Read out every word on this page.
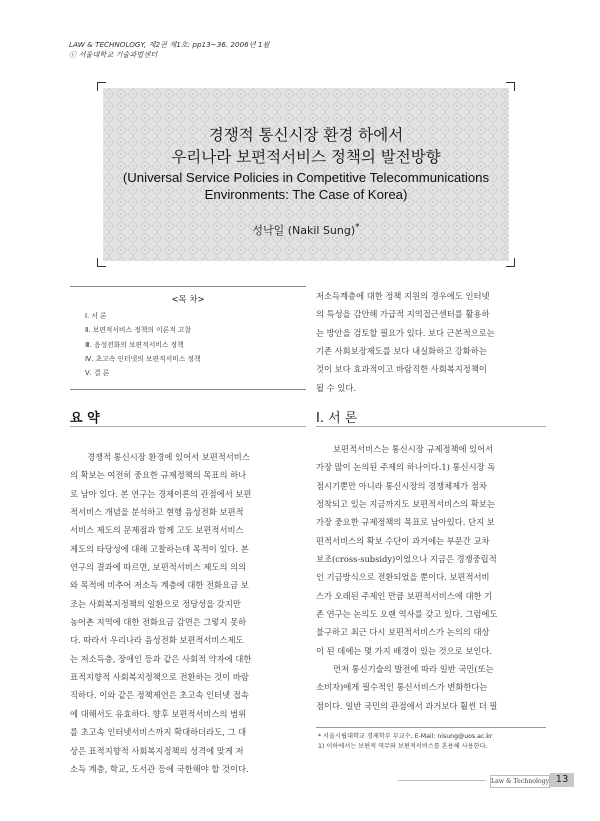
LAW & TECHNOLOGY, 제2권 제1호: pp13∼36. 2006년 1월
ⓒ 서울대학교 기술과법센터
경쟁적 통신시장 환경 하에서
우리나라 보편적서비스 정책의 발전방향
(Universal Service Policies in Competitive Telecommunications
Environments: The Case of Korea)
성낙일 (Nakil Sung)*
<목 차>
Ⅰ. 서 론
Ⅱ. 보편적서비스 정책의 이론적 고찰
Ⅲ. 음성전화의 보편적서비스 정책
Ⅳ. 초고속 인터넷의 보편적서비스 정책
Ⅴ. 결 론
요 약
경쟁적 통신시장 환경에 있어서 보편적서비스
의 확보는 여전히 중요한 규제정책의 목표의 하나
로 남아 있다. 본 연구는 경제이론의 관점에서 보편
적서비스 개념을 분석하고 현행 음성전화 보편적
서비스 제도의 문제점과 함께 고도 보편적서비스
제도의 타당성에 대해 고찰하는데 목적이 있다. 본
연구의 결과에 따르면, 보편적서비스 제도의 의의
와 목적에 비추어 저소득 계층에 대한 전화요금 보
조는 사회복지정책의 일환으로 정당성을 갖지만
농어촌 지역에 대한 전화요금 감면은 그렇지 못하
다. 따라서 우리나라 음성전화 보편적서비스제도
는 저소득층, 장애인 등과 같은 사회적 약자에 대한
표적지향적 사회복지정책으로 전환하는 것이 바람
직하다. 이와 같은 정책제언은 초고속 인터넷 접속
에 대해서도 유효하다. 향후 보편적서비스의 범위
를 초고속 인터넷서비스까지 확대하더라도, 그 대
상은 표적지향적 사회복지정책의 성격에 맞게 저
소득 계층, 학교, 도서관 등에 국한해야 할 것이다.
저소득계층에 대한 정책 지원의 경우에도 인터넷
의 특성을 감안해 가급적 지역접근센터를 활용하
는 방안을 검토할 필요가 있다. 보다 근본적으로는
기존 사회보장제도를 보다 내실화하고 강화하는
것이 보다 효과적이고 바람직한 사회복지정책이
될 수 있다.
Ⅰ. 서 론
보편적서비스는 통신시장 규제정책에 있어서
가장 많이 논의된 주제의 하나이다.1) 통신시장 독
점시기뿐만 아니라 통신시장의 경쟁체제가 점차
정착되고 있는 지금까지도 보편적서비스의 확보는
가장 중요한 규제정책의 목표로 남아있다. 단지 보
편적서비스의 확보 수단이 과거에는 부문간 교차
보조(cross-subsidy)이었으나 지금은 경쟁중립적
인 기금방식으로 전환되었을 뿐이다. 보편적서비
스가 오래된 주제인 만큼 보편적서비스에 대한 기
존 연구는 논의도 오랜 역사를 갖고 있다. 그럼에도
불구하고 최근 다시 보편적서비스가 논의의 대상
이 된 데에는 몇 가지 배경이 있는 것으로 보인다.
먼저 통신기술의 발전에 따라 일반 국민(또는
소비자)에게 필수적인 통신서비스가 변화한다는
점이다. 일반 국민의 관점에서 과거보다 훨씬 더 필
* 서울시립대학교 경제학부 부교수, E-Mail: nisung@uos.ac.kr
1) 이하에서는 보편적 역무와 보편적서비스를 혼용해 사용한다.
Law & Technology 13
